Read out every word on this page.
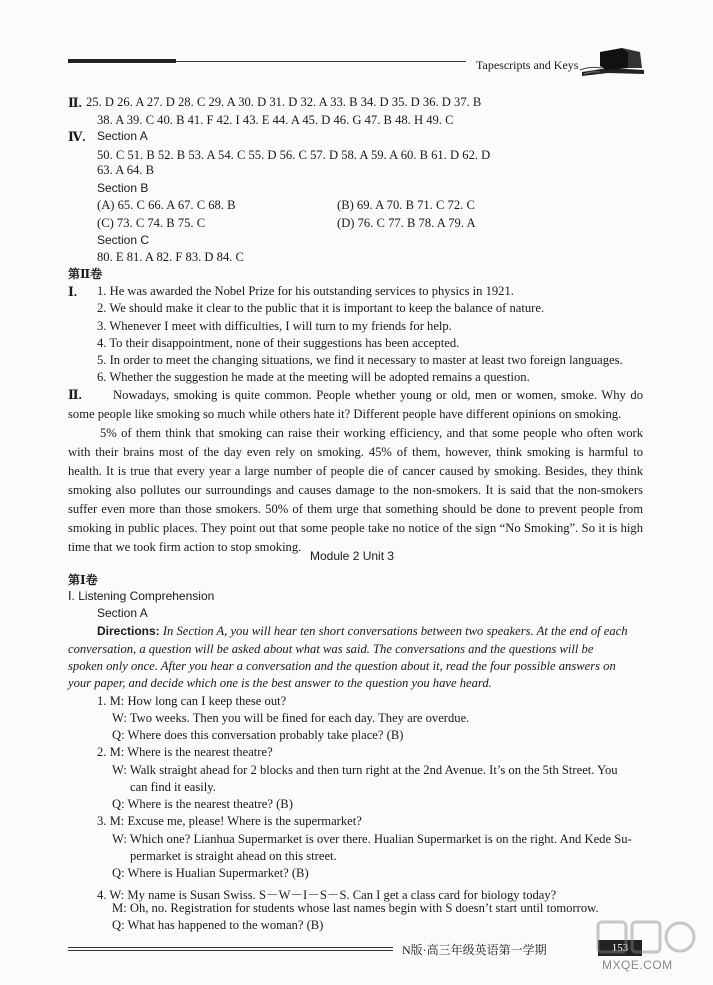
Tapescripts and Keys
Ⅱ. 25. D 26. A 27. D 28. C 29. A 30. D 31. D 32. A 33. B 34. D 35. D 36. D 37. B
38. A 39. C 40. B 41. F 42. I 43. E 44. A 45. D 46. G 47. B 48. H 49. C
Ⅳ. Section A
50. C 51. B 52. B 53. A 54. C 55. D 56. C 57. D 58. A 59. A 60. B 61. D 62. D
63. A 64. B
Section B
(A) 65. C 66. A 67. C 68. B	(B) 69. A 70. B 71. C 72. C
(C) 73. C 74. B 75. C	(D) 76. C 77. B 78. A 79. A
Section C
80. E 81. A 82. F 83. D 84. C
第Ⅱ卷
Ⅰ. 1. He was awarded the Nobel Prize for his outstanding services to physics in 1921.
2. We should make it clear to the public that it is important to keep the balance of nature.
3. Whenever I meet with difficulties, I will turn to my friends for help.
4. To their disappointment, none of their suggestions has been accepted.
5. In order to meet the changing situations, we find it necessary to master at least two foreign languages.
6. Whether the suggestion he made at the meeting will be adopted remains a question.
Ⅱ.	Nowadays, smoking is quite common. People whether young or old, men or women, smoke. Why do some people like smoking so much while others hate it? Different people have different opinions on smoking.

5% of them think that smoking can raise their working efficiency, and that some people who often work with their brains most of the day even rely on smoking. 45% of them, however, think smoking is harmful to health. It is true that every year a large number of people die of cancer caused by smoking. Besides, they think smoking also pollutes our surroundings and causes damage to the non-smokers. It is said that the non-smokers suffer even more than those smokers. 50% of them urge that something should be done to prevent people from smoking in public places. They point out that some people take no notice of the sign “No Smoking”. So it is high time that we took firm action to stop smoking.

Module 2 Unit 3
第Ⅰ卷
Ⅰ. Listening Comprehension
Section A
Directions: In Section A, you will hear ten short conversations between two speakers. At the end of each
conversation, a question will be asked about what was said. The conversations and the questions will be
spoken only once. After you hear a conversation and the question about it, read the four possible answers on
your paper, and decide which one is the best answer to the question you have heard.
1. M: How long can I keep these out?
W: Two weeks. Then you will be fined for each day. They are overdue.
Q: Where does this conversation probably take place? (B)
2. M: Where is the nearest theatre?
W: Walk straight ahead for 2 blocks and then turn right at the 2nd Avenue. It’s on the 5th Street. You
can find it easily.
Q: Where is the nearest theatre? (B)
3. M: Excuse me, please! Where is the supermarket?
W: Which one? Lianhua Supermarket is over there. Hualian Supermarket is on the right. And Kede Su-
permarket is straight ahead on this street.
Q: Where is Hualian Supermarket? (B)
4. W: My name is Susan Swiss. S－W－I－S－S. Can I get a class card for biology today?
M: Oh, no. Registration for students whose last names begin with S doesn’t start until tomorrow.
Q: What has happened to the woman? (B)
N版·高三年级英语第一学期	153
MXQE.COM
